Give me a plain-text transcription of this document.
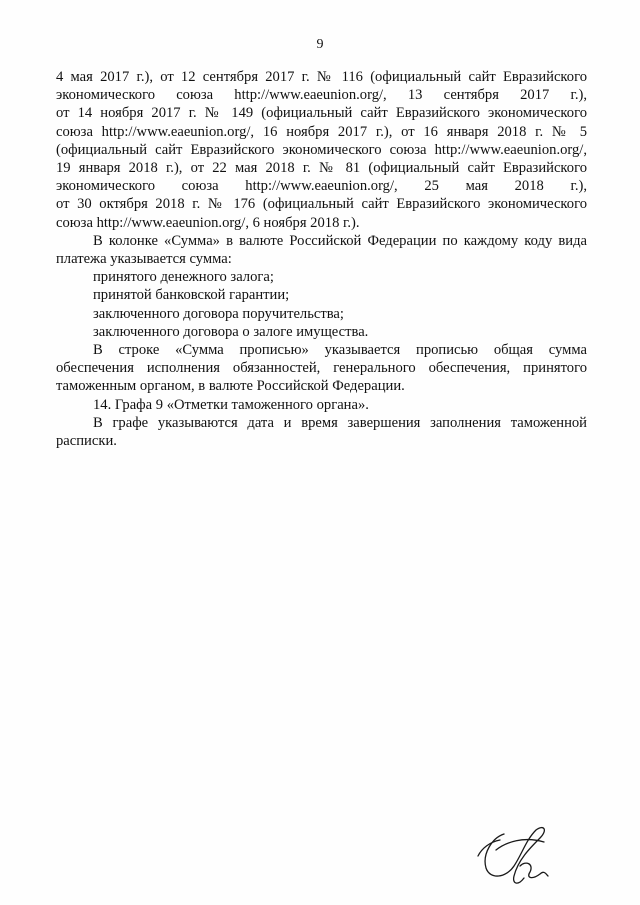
9
4 мая 2017 г.), от 12 сентября 2017 г. № 116 (официальный сайт Евразийского
экономического союза http://www.eaeunion.org/, 13 сентября 2017 г.),
от 14 ноября 2017 г. № 149 (официальный сайт Евразийского экономического
союза http://www.eaeunion.org/, 16 ноября 2017 г.), от 16 января 2018 г. № 5
(официальный сайт Евразийского экономического союза http://www.eaeunion.org/,
19 января 2018 г.), от 22 мая 2018 г. № 81 (официальный сайт Евразийского
экономического союза http://www.eaeunion.org/, 25 мая 2018 г.),
от 30 октября 2018 г. № 176 (официальный сайт Евразийского экономического
союза http://www.eaeunion.org/, 6 ноября 2018 г.).
В колонке «Сумма» в валюте Российской Федерации по каждому коду вида
платежа указывается сумма:
принятого денежного залога;
принятой банковской гарантии;
заключенного договора поручительства;
заключенного договора о залоге имущества.
В строке «Сумма прописью» указывается прописью общая сумма
обеспечения исполнения обязанностей, генерального обеспечения, принятого
таможенным органом, в валюте Российской Федерации.
14. Графа 9 «Отметки таможенного органа».
В графе указываются дата и время завершения заполнения таможенной
расписки.
